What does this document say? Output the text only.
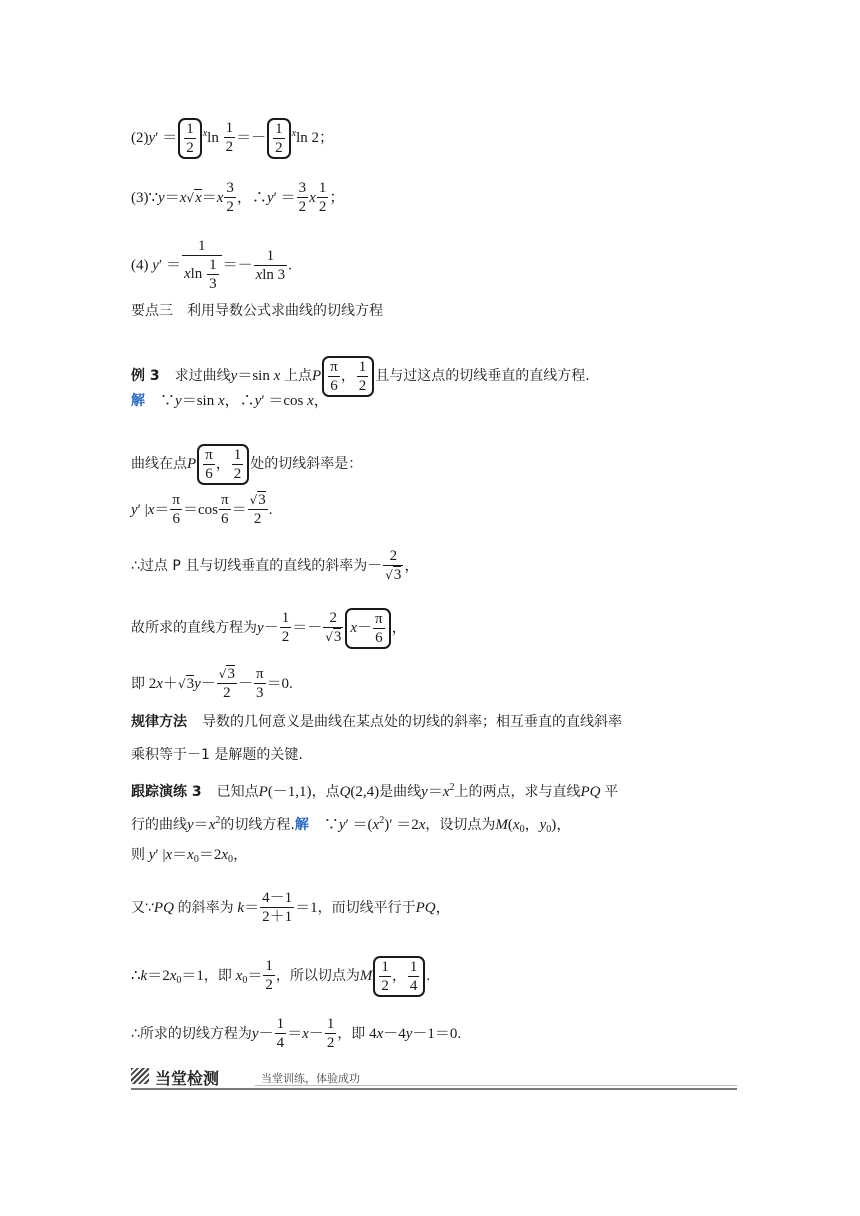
$(2)y' = \frac{1}{2} ^x\ln \frac{1}{2} =- \frac{1}{2} ^x\ln$ 2；
(3)∵y＝x√x＝x $\frac{3}{2}$ ，∴y′ ＝ $\frac{3}{2}$ x $\frac{1}{2}$ ；
(4) $y' = \frac{1}{xln \frac{1}{3}} =- \frac{1}{xln 3}$ .
要点三　利用导数公式求曲线的切线方程
例 3　 求过曲线y＝sin x 上点P $\frac{\pi}{6}$ ， $\frac{1}{2}$ 且与过这点的切线垂直的直线方程.
解　∵y＝sin x，∴y′ ＝cos x，
曲线在点P $\frac{\pi}{6}$ ， $\frac{1}{2}$ 处的切线斜率是：
y′ $|x= \frac{\pi}{6} =\cos \frac{\pi}{6} = \frac{√3}{2}$ .
∴过点 P 且与切线垂直的直线的斜率为－ $\frac{2}{√3}$ ，
故所求的直线方程为$y- \frac{1}{2} =- \frac{2}{√3} x- \frac{\pi}{6}$ ，
即 $2x+√3y- \frac{√3}{2} - \frac{\pi}{3} =0$.
规律方法　 导数的几何意义是曲线在某点处的切线的斜率；相互垂直的直线斜率
乘积等于－1 是解题的关键.
跟踪演练 3　 已知点P(－1,1)，点Q(2,4)是曲线$y=x^2$上的两点，求与直线PQ 平
行的曲线$y=x^2$的切线方程.解　∵y′ $=(x^2)' =2x$，设切点为$M(x_0$，$y_0$)，
则 y′ $|x=x_0=2x_0$，
又∵PQ 的斜率为 $k= \frac{4-1}{2+1} =1$，而切线平行于PQ，
$\therefore k=2x_0=1$，即 $x_0= \frac{1}{2}$ ，所以切点为M $\frac{1}{2}$ ， $\frac{1}{4}$ .
∴所求的切线方程为$y- \frac{1}{4} =x- \frac{1}{2}$ ，即 4x－4y－1＝0.
当堂检测	当堂训练，体验成功
